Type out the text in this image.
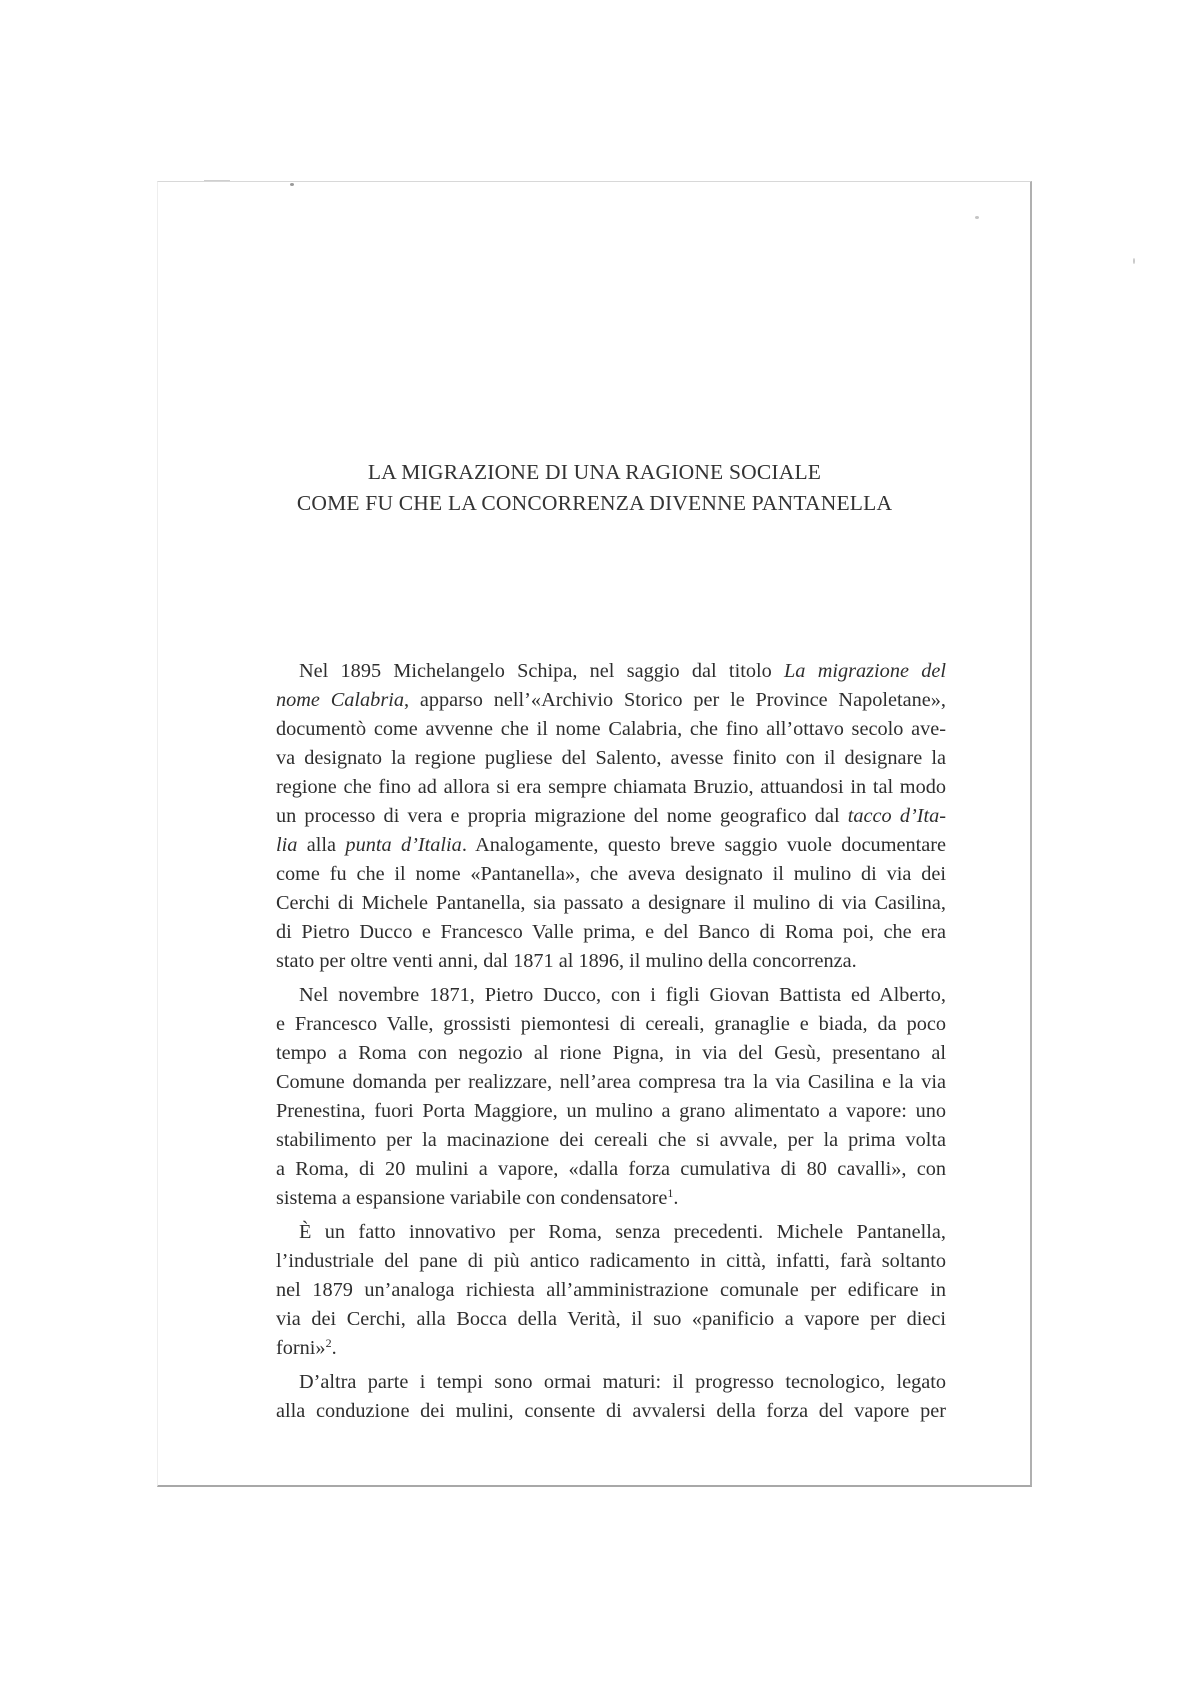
LA MIGRAZIONE DI UNA RAGIONE SOCIALE
COME FU CHE LA CONCORRENZA DIVENNE PANTANELLA
Nel 1895 Michelangelo Schipa, nel saggio dal titolo La migrazione del
nome Calabria, apparso nell’«Archivio Storico per le Province Napoletane»,
documentò come avvenne che il nome Calabria, che fino all’ottavo secolo ave-
va designato la regione pugliese del Salento, avesse finito con il designare la
regione che fino ad allora si era sempre chiamata Bruzio, attuandosi in tal modo
un processo di vera e propria migrazione del nome geografico dal tacco d’Ita-
lia alla punta d’Italia. Analogamente, questo breve saggio vuole documentare
come fu che il nome «Pantanella», che aveva designato il mulino di via dei
Cerchi di Michele Pantanella, sia passato a designare il mulino di via Casilina,
di Pietro Ducco e Francesco Valle prima, e del Banco di Roma poi, che era
stato per oltre venti anni, dal 1871 al 1896, il mulino della concorrenza.
Nel novembre 1871, Pietro Ducco, con i figli Giovan Battista ed Alberto,
e Francesco Valle, grossisti piemontesi di cereali, granaglie e biada, da poco
tempo a Roma con negozio al rione Pigna, in via del Gesù, presentano al
Comune domanda per realizzare, nell’area compresa tra la via Casilina e la via
Prenestina, fuori Porta Maggiore, un mulino a grano alimentato a vapore: uno
stabilimento per la macinazione dei cereali che si avvale, per la prima volta
a Roma, di 20 mulini a vapore, «dalla forza cumulativa di 80 cavalli», con
sistema a espansione variabile con condensatore$^1$.
È un fatto innovativo per Roma, senza precedenti. Michele Pantanella,
l’industriale del pane di più antico radicamento in città, infatti, farà soltanto
nel 1879 un’analoga richiesta all’amministrazione comunale per edificare in
via dei Cerchi, alla Bocca della Verità, il suo «panificio a vapore per dieci
forni»$^2$.
D’altra parte i tempi sono ormai maturi: il progresso tecnologico, legato
alla conduzione dei mulini, consente di avvalersi della forza del vapore per
